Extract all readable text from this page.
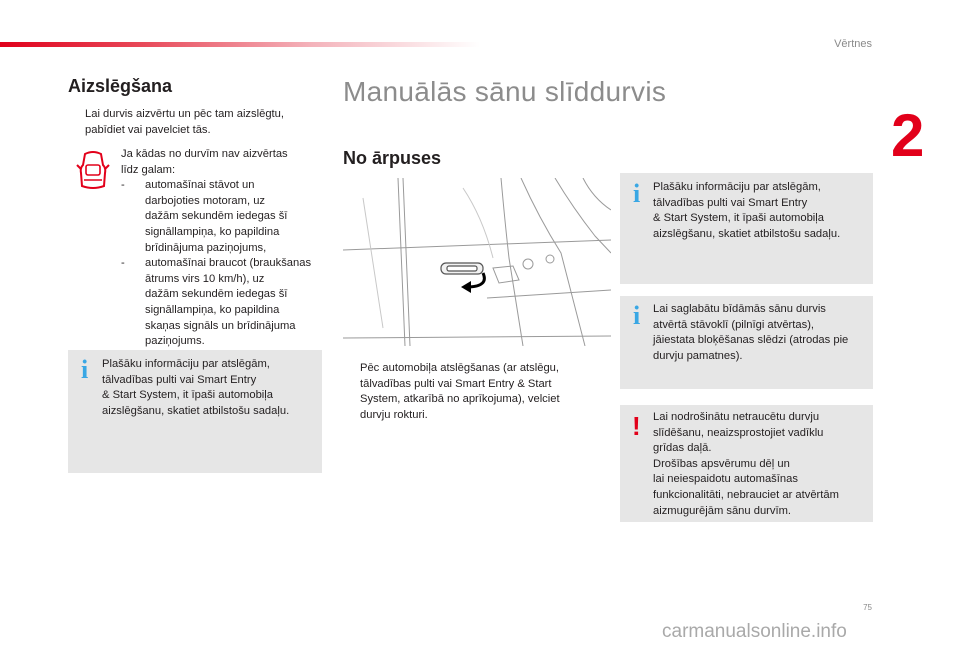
Vērtnes
2
Aizslēgšana
Lai durvis aizvērtu un pēc tam aizslēgtu,
pabīdiet vai pavelciet tās.
Ja kādas no durvīm nav aizvērtas
līdz galam:
-	automašīnai stāvot un
darbojoties motoram, uz
dažām sekundēm iedegas šī
signāllampiņa, ko papildina
brīdinājuma paziņojums,
-	automašīnai braucot (braukšanas
ātrums virs 10 km/h), uz
dažām sekundēm iedegas šī
signāllampiņa, ko papildina
skaņas signāls un brīdinājuma
paziņojums.
i Plašāku informāciju par atslēgām,
tālvadības pulti vai Smart Entry
& Start System, it īpaši automobiļa
aizslēgšanu, skatiet atbilstošu sadaļu.
Manuālās sānu slīddurvis
No ārpuses
Pēc automobiļa atslēgšanas (ar atslēgu,
tālvadības pulti vai Smart Entry & Start
System, atkarībā no aprīkojuma), velciet
durvju rokturi.
i Plašāku informāciju par atslēgām,
tālvadības pulti vai Smart Entry
& Start System, it īpaši automobiļa
aizslēgšanu, skatiet atbilstošu sadaļu.
i Lai saglabātu bīdāmās sānu durvis
atvērtā stāvoklī (pilnīgi atvērtas),
jāiestata bloķēšanas slēdzi (atrodas pie
durvju pamatnes).
! Lai nodrošinātu netraucētu durvju
slīdēšanu, neaizsprostojiet vadīklu
grīdas daļā.
Drošības apsvērumu dēļ un
lai neiespaidotu automašīnas
funkcionalitāti, nebrauciet ar atvērtām
aizmugurējām sānu durvīm.
75
carmanualsonline.info
